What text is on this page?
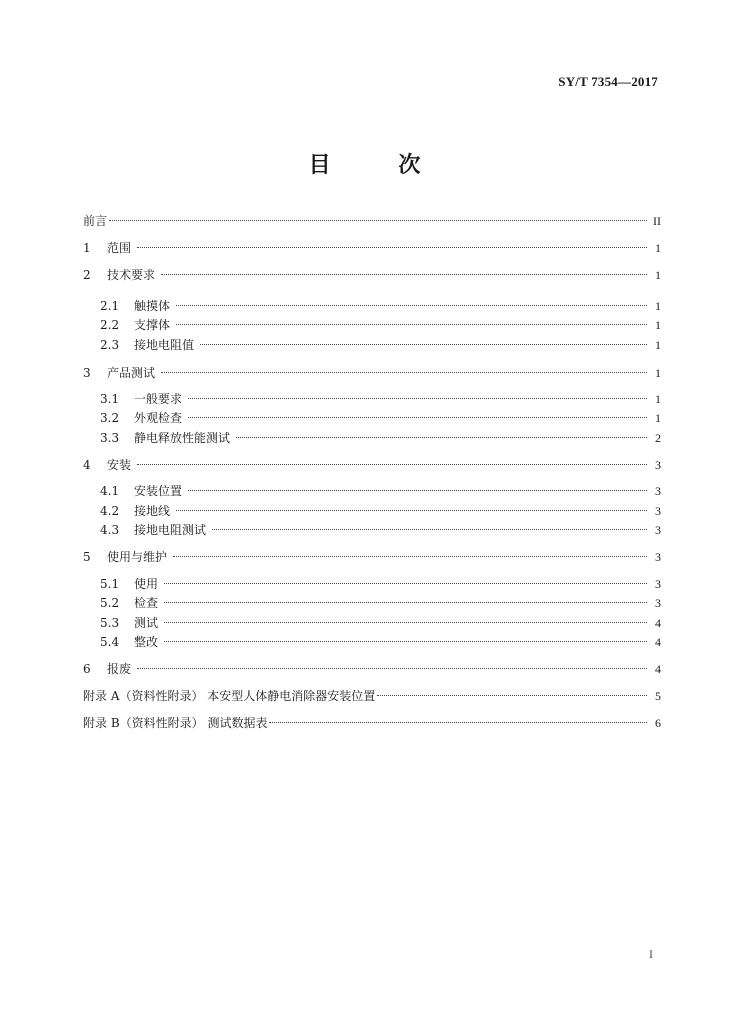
SY/T 7354—2017
目 次
前言	II
1	范围	1
2	技术要求	1
2.1	触摸体	1
2.2	支撑体	1
2.3	接地电阻值	1
3	产品测试	1
3.1	一般要求	1
3.2	外观检查	1
3.3	静电释放性能测试	2
4	安装	3
4.1	安装位置	3
4.2	接地线	3
4.3	接地电阻测试	3
5	使用与维护	3
5.1	使用	3
5.2	检查	3
5.3	测试	4
5.4	整改	4
6	报废	4
附录 A（资料性附录） 本安型人体静电消除器安装位置	5
附录 B（资料性附录） 测试数据表	6
I
